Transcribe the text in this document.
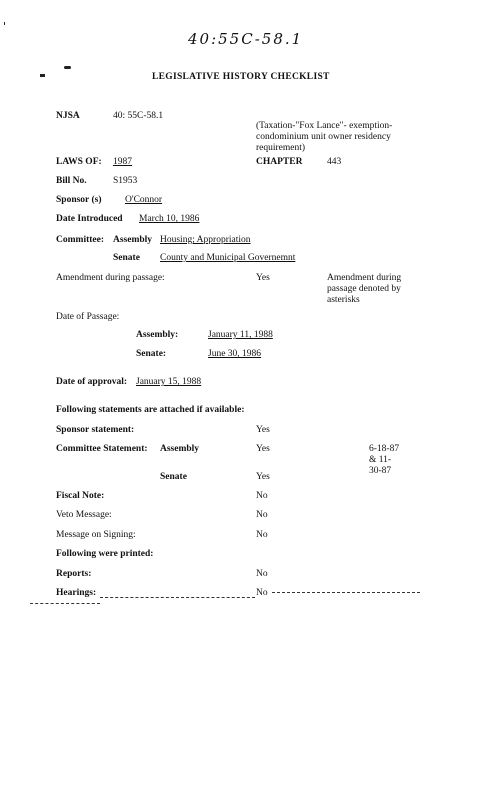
40:55C-58.1
LEGISLATIVE HISTORY CHECKLIST
NJSA	40: 55C-58.1
(Taxation-"Fox Lance"- exemption- condominium unit owner residency requirement)
LAWS OF: 1987	CHAPTER	443
Bill No.	S1953
Sponsor (s) O'Connor
Date Introduced March 10, 1986
Committee: Assembly Housing; Appropriation
Senate County and Municipal Governemnt
Amendment during passage:	Yes	Amendment during passage denoted by asterisks
Date of Passage:
Assembly:	January 11, 1988
Senate:	June 30, 1986
Date of approval: January 15, 1988
Following statements are attached if available:
Sponsor statement:	Yes
Committee Statement: Assembly	Yes	6-18-87 & 11- 30-87
Senate	Yes
Fiscal Note:	No
Veto Message:	No
Message on Signing:	No
Following were printed:
Reports:	No
Hearings:	No
